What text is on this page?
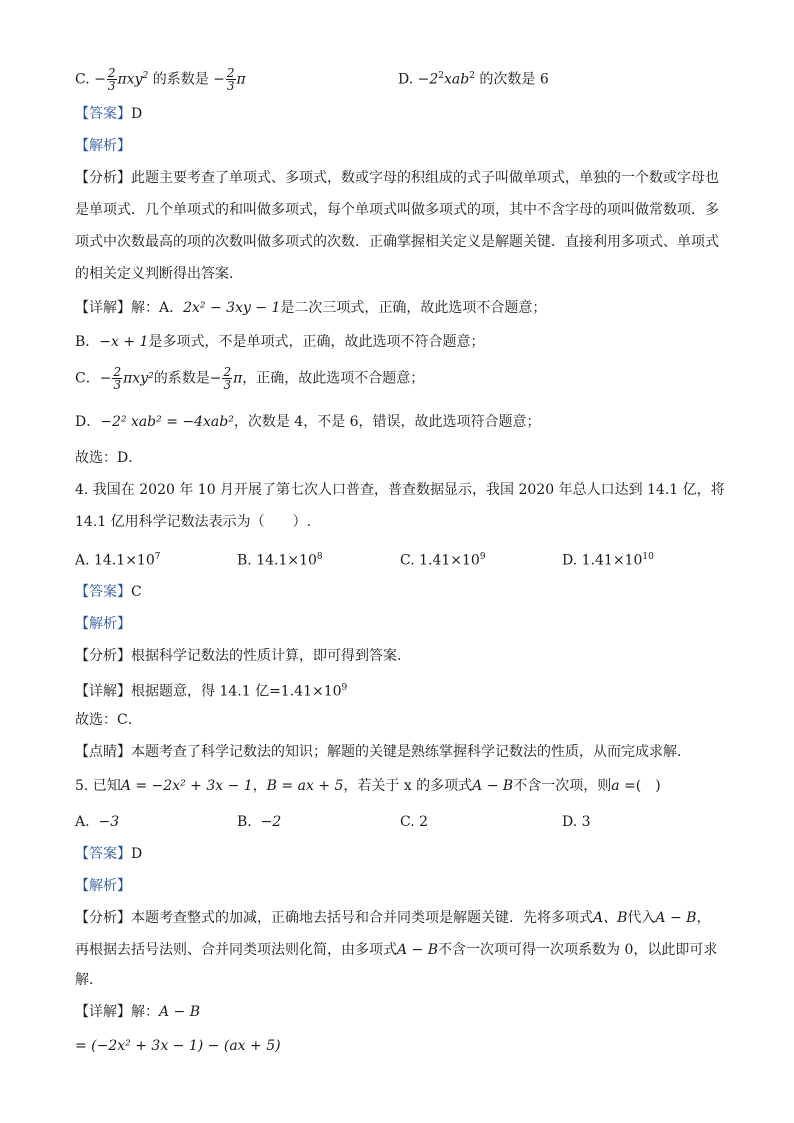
C. − $\frac{2}{3} \pi xy^2$ 的系数是 − $\frac{2}{3}$ π	D. $-2^2xab^2$ 的次数是 6
【答案】D
【解析】
【分析】此题主要考查了单项式、多项式，数或字母的积组成的式子叫做单项式，单独的一个数或字母也
是单项式．几个单项式的和叫做多项式，每个单项式叫做多项式的项，其中不含字母的项叫做常数项．多
项式中次数最高的项的次数叫做多项式的次数．正确掌握相关定义是解题关键．直接利用多项式、单项式
的相关定义判断得出答案．
【详解】解：A．2x² − 3xy − 1是二次三项式，正确，故此选项不合题意；
B．−x + 1是多项式，不是单项式，正确，故此选项不符合题意；
C．− $\frac{2}{3} \pi xy^2$的系数是− $\frac{2}{3}$ π，正确，故此选项不合题意；
D．−2² xab² = −4xab²，次数是 4，不是 6，错误，故此选项符合题意；
故选：D．
4. 我国在 2020 年 10 月开展了第七次人口普查，普查数据显示，我国 2020 年总人口达到 14.1 亿，将
14.1 亿用科学记数法表示为（　　）.
A. $14.1\times 10^7$	B. $14.1\times 10^8$	C. $1.41\times 10^9$	D. $1.41\times 10^{10}$
【答案】C
【解析】
【分析】根据科学记数法的性质计算，即可得到答案．
【详解】根据题意，得 14.1 亿$=1.41\times 10^9$
故选：C．
【点睛】本题考查了科学记数法的知识；解题的关键是熟练掌握科学记数法的性质，从而完成求解．
5. 已知A = −2x² + 3x − 1，B = ax + 5，若关于 x 的多项式A − B不含一次项，则a =(　)
A. −3	B. −2	C. 2	D. 3
【答案】D
【解析】
【分析】本题考查整式的加减，正确地去括号和合并同类项是解题关键．先将多项式A、B代入A − B，
再根据去括号法则、合并同类项法则化简，由多项式A − B不含一次项可得一次项系数为 0，以此即可求
解．
【详解】解：A − B
= (−2x² + 3x − 1) − (ax + 5)
